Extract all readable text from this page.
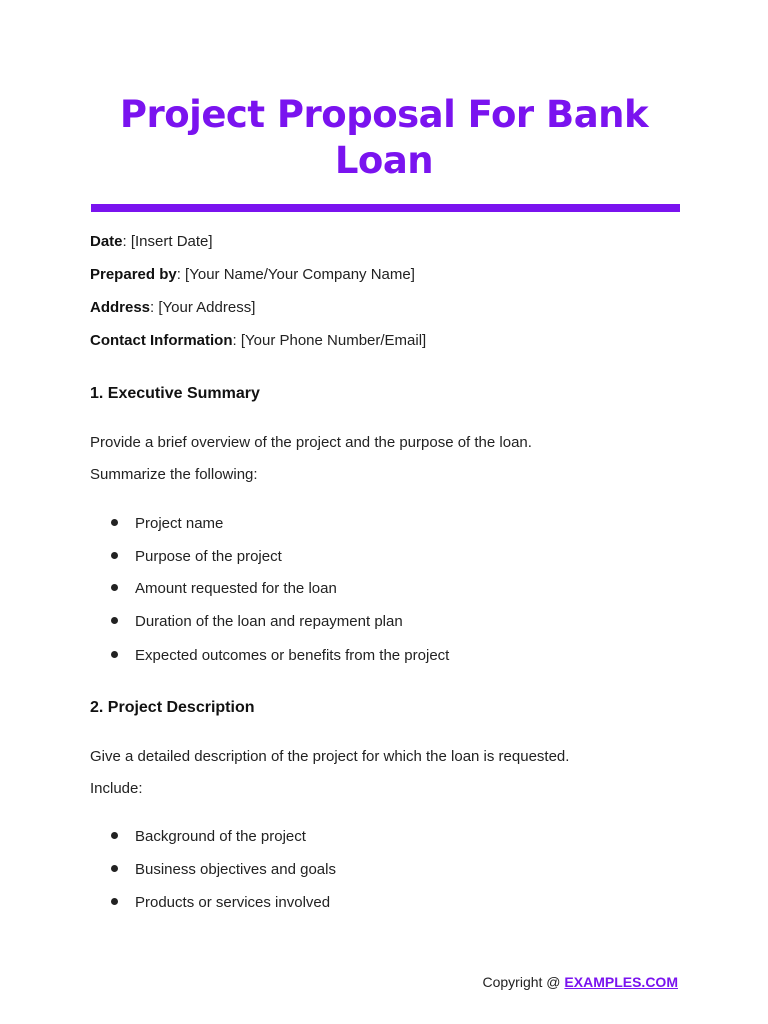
Project Proposal For Bank Loan
Date: [Insert Date]
Prepared by: [Your Name/Your Company Name]
Address: [Your Address]
Contact Information: [Your Phone Number/Email]
1. Executive Summary
Provide a brief overview of the project and the purpose of the loan.
Summarize the following:
Project name
Purpose of the project
Amount requested for the loan
Duration of the loan and repayment plan
Expected outcomes or benefits from the project
2. Project Description
Give a detailed description of the project for which the loan is requested.
Include:
Background of the project
Business objectives and goals
Products or services involved
Copyright @ EXAMPLES.COM
